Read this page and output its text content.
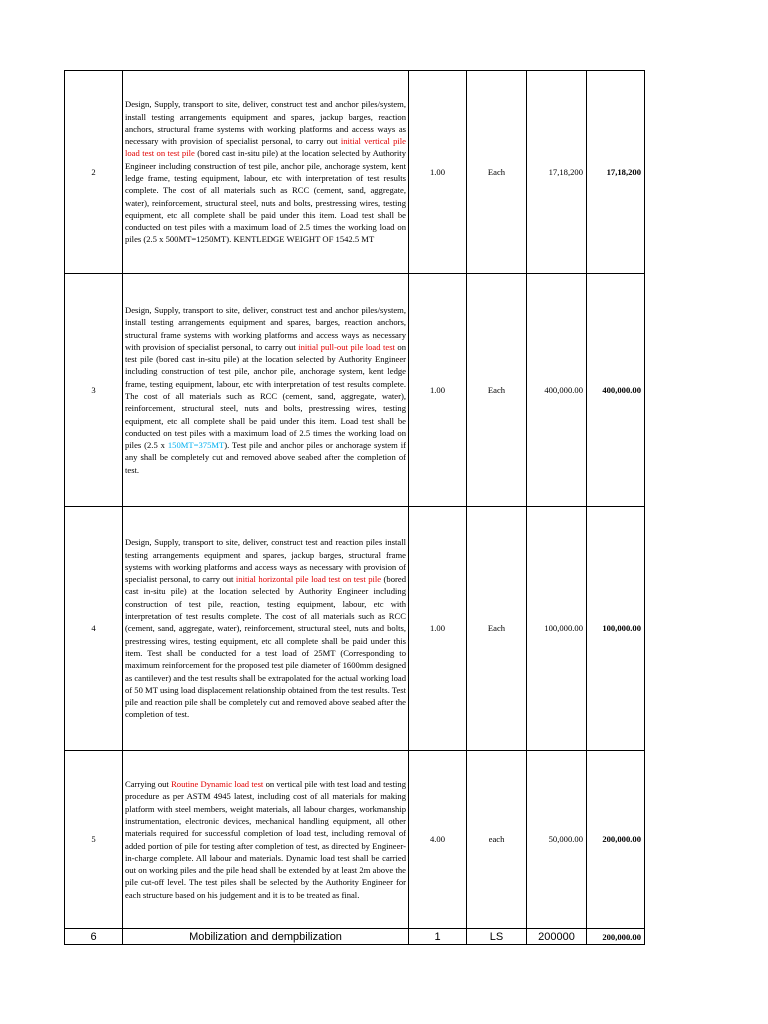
2	Design, Supply, transport to site, deliver, construct test and anchor piles/system, install testing arrangements equipment and spares, jackup barges, reaction anchors, structural frame systems with working platforms and access ways as necessary with provision of specialist personal, to carry out initial vertical pile load test on test pile (bored cast in-situ pile) at the location selected by Authority Engineer including construction of test pile, anchor pile, anchorage system, kent ledge frame, testing equipment, labour, etc with interpretation of test results complete. The cost of all materials such as RCC (cement, sand, aggregate, water), reinforcement, structural steel, nuts and bolts, prestressing wires, testing equipment, etc all complete shall be paid under this item. Load test shall be conducted on test piles with a maximum load of 2.5 times the working load on piles (2.5 x 500MT=1250MT). KENTLEDGE WEIGHT OF 1542.5 MT	1.00	Each	17,18,200	17,18,200
3	Design, Supply, transport to site, deliver, construct test and anchor piles/system, install testing arrangements equipment and spares, barges, reaction anchors, structural frame systems with working platforms and access ways as necessary with provision of specialist personal, to carry out initial pull-out pile load test on test pile (bored cast in-situ pile) at the location selected by Authority Engineer including construction of test pile, anchor pile, anchorage system, kent ledge frame, testing equipment, labour, etc with interpretation of test results complete. The cost of all materials such as RCC (cement, sand, aggregate, water), reinforcement, structural steel, nuts and bolts, prestressing wires, testing equipment, etc all complete shall be paid under this item. Load test shall be conducted on test piles with a maximum load of 2.5 times the working load on piles (2.5 x 150MT=375MT). Test pile and anchor piles or anchorage system if any shall be completely cut and removed above seabed after the completion of test.	1.00	Each	400,000.00	400,000.00
4	Design, Supply, transport to site, deliver, construct test and reaction piles install testing arrangements equipment and spares, jackup barges, structural frame systems with working platforms and access ways as necessary with provision of specialist personal, to carry out initial horizontal pile load test on test pile (bored cast in-situ pile) at the location selected by Authority Engineer including construction of test pile, reaction, testing equipment, labour, etc with interpretation of test results complete. The cost of all materials such as RCC (cement, sand, aggregate, water), reinforcement, structural steel, nuts and bolts, prestressing wires, testing equipment, etc all complete shall be paid under this item. Test shall be conducted for a test load of 25MT (Corresponding to maximum reinforcement for the proposed test pile diameter of 1600mm designed as cantilever) and the test results shall be extrapolated for the actual working load of 50 MT using load displacement relationship obtained from the test results. Test pile and reaction pile shall be completely cut and removed above seabed after the completion of test.	1.00	Each	100,000.00	100,000.00
5	Carrying out Routine Dynamic load test on vertical pile with test load and testing procedure as per ASTM 4945 latest, including cost of all materials for making platform with steel members, weight materials, all labour charges, workmanship instrumentation, electronic devices, mechanical handling equipment, all other materials required for successful completion of load test, including removal of added portion of pile for testing after completion of test, as directed by Engineer-in-charge complete. All labour and materials. Dynamic load test shall be carried out on working piles and the pile head shall be extended by at least 2m above the pile cut-off level. The test piles shall be selected by the Authority Engineer for each structure based on his judgement and it is to be treated as final.	4.00	each	50,000.00	200,000.00
6	Mobilization and dempbilization	1	LS	200000	200,000.00
